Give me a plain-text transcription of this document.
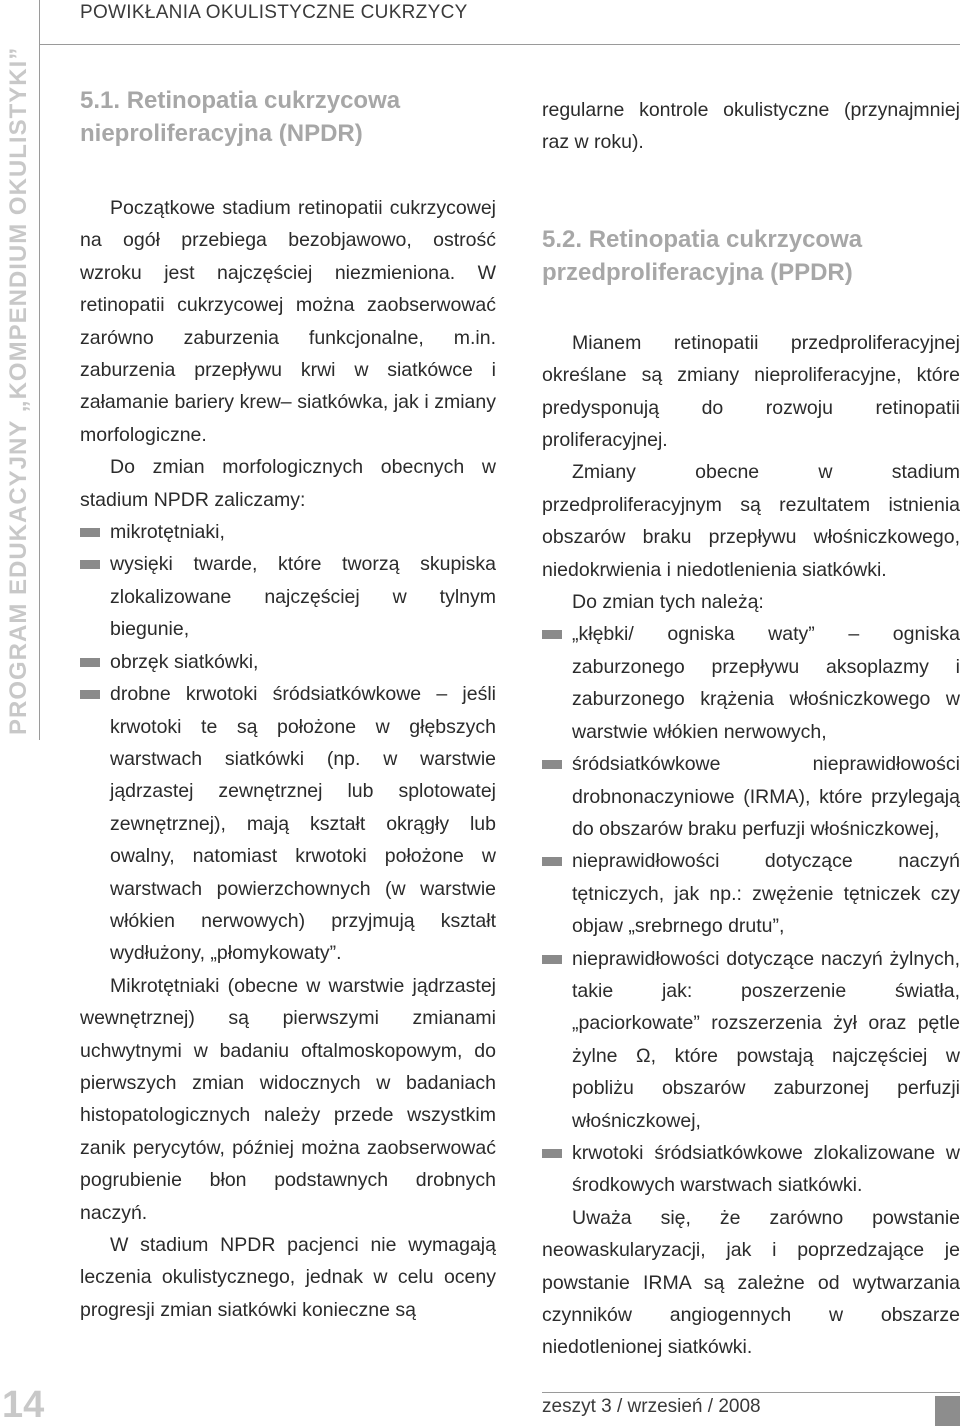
PROGRAM EDUKACYJNY „KOMPENDIUM OKULISTYKI”
14
POWIKŁANIA OKULISTYCZNE CUKRZYCY
5.1. Retinopatia cukrzycowa
nieproliferacyjna (NPDR)

Początkowe stadium retinopatii cukrzycowej na ogół przebiega bezobjawowo, ostrość wzroku jest najczęściej niezmieniona. W retinopatii cukrzycowej można zaobserwować zarówno zaburzenia funkcjonalne, m.in. zaburzenia przepływu krwi w siatkówce i załamanie bariery krew– siatkówka, jak i zmiany morfologiczne.

Do zmian morfologicznych obecnych w stadium NPDR zaliczamy:

mikrotętniaki,
wysięki twarde, które tworzą skupiska zlokalizowane najczęściej w tylnym biegunie,
obrzęk siatkówki,
drobne krwotoki śródsiatkówkowe – jeśli krwotoki te są położone w głębszych warstwach siatkówki (np. w warstwie jądrzastej zewnętrznej lub splotowatej zewnętrznej), mają kształt okrągły lub owalny, natomiast krwotoki położone w warstwach powierzchownych (w warstwie włókien nerwowych) przyjmują kształt wydłużony, „płomykowaty”.

Mikrotętniaki (obecne w warstwie jądrzastej wewnętrznej) są pierwszymi zmianami uchwytnymi w badaniu oftalmoskopowym, do pierwszych zmian widocznych w badaniach histopatologicznych należy przede wszystkim zanik perycytów, później można zaobserwować pogrubienie błon podstawnych drobnych naczyń.

W stadium NPDR pacjenci nie wymagają leczenia okulistycznego, jednak w celu oceny progresji zmian siatkówki konieczne są

regularne kontrole okulistyczne (przynajmniej raz w roku).

5.2. Retinopatia cukrzycowa
przedproliferacyjna (PPDR)

Mianem retinopatii przedproliferacyjnej określane są zmiany nieproliferacyjne, które predysponują do rozwoju retinopatii proliferacyjnej.

Zmiany obecne w stadium przedproliferacyjnym są rezultatem istnienia obszarów braku przepływu włośniczkowego, niedokrwienia i niedotlenienia siatkówki.

Do zmian tych należą:

„kłębki/ ogniska waty” – ogniska zaburzonego przepływu aksoplazmy i zaburzonego krążenia włośniczkowego w warstwie włókien nerwowych,
śródsiatkówkowe nieprawidłowości drobnonaczyniowe (IRMA), które przylegają do obszarów braku perfuzji włośniczkowej,
nieprawidłowości dotyczące naczyń tętniczych, jak np.: zwężenie tętniczek czy objaw „srebrnego drutu”,
nieprawidłowości dotyczące naczyń żylnych, takie jak: poszerzenie światła, „paciorkowate” rozszerzenia żył oraz pętle żylne Ω, które powstają najczęściej w pobliżu obszarów zaburzonej perfuzji włośniczkowej,
krwotoki śródsiatkówkowe zlokalizowane w środkowych warstwach siatkówki.

Uważa się, że zarówno powstanie neowaskularyzacji, jak i poprzedzające je powstanie IRMA są zależne od wytwarzania czynników angiogennych w obszarze niedotlenionej siatkówki.

zeszyt 3 / wrzesień / 2008
